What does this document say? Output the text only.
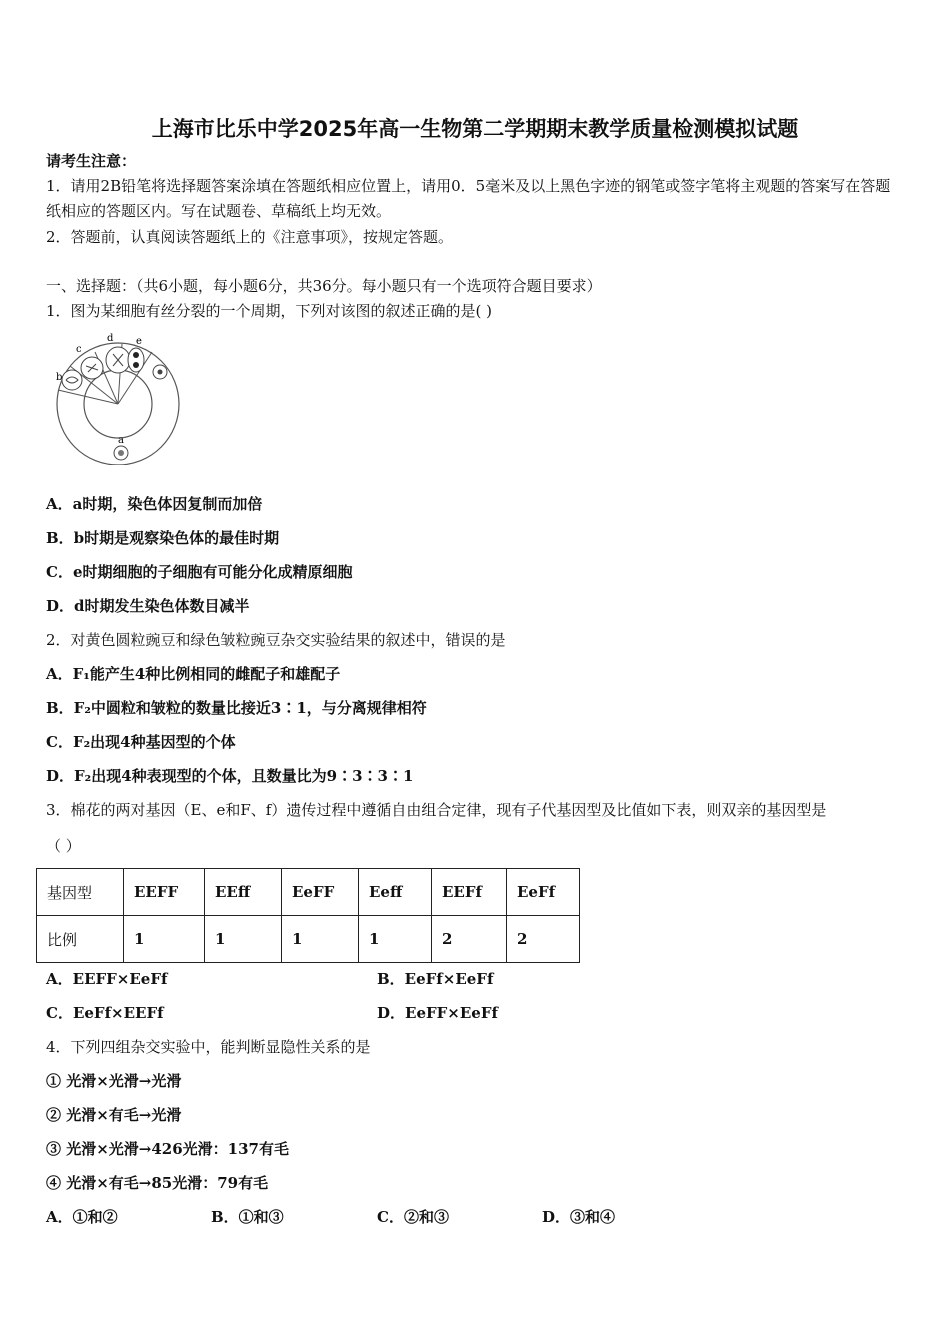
上海市比乐中学2025年高一生物第二学期期末教学质量检测模拟试题
请考生注意：
1．请用2B铅笔将选择题答案涂填在答题纸相应位置上，请用0．5毫米及以上黑色字迹的钢笔或签字笔将主观题的答案写在答题纸相应的答题区内。写在试题卷、草稿纸上均无效。
2．答题前，认真阅读答题纸上的《注意事项》，按规定答题。
一、选择题：（共6小题，每小题6分，共36分。每小题只有一个选项符合题目要求）
1．图为某细胞有丝分裂的一个周期，下列对该图的叙述正确的是( )
a
b
c
d e
A．a时期，染色体因复制而加倍
B．b时期是观察染色体的最佳时期
C．e时期细胞的子细胞有可能分化成精原细胞
D．d时期发生染色体数目减半
2．对黄色圆粒豌豆和绿色皱粒豌豆杂交实验结果的叙述中，错误的是
A．F₁能产生4种比例相同的雌配子和雄配子
B．F₂中圆粒和皱粒的数量比接近3∶1，与分离规律相符
C．F₂出现4种基因型的个体
D．F₂出现4种表现型的个体，且数量比为9∶3∶3∶1
3．棉花的两对基因（E、e和F、f）遗传过程中遵循自由组合定律，现有子代基因型及比值如下表，则双亲的基因型是
（ ）
基因型	EEFF	EEff	EeFF	Eeff	EEFf	EeFf
比例	1	1	1	1	2	2
A．EEFF×EeFf	B．EeFf×EeFf
C．EeFf×EEFf	D．EeFF×EeFf
4．下列四组杂交实验中，能判断显隐性关系的是
① 光滑×光滑→光滑
② 光滑×有毛→光滑
③ 光滑×光滑→426光滑：137有毛
④ 光滑×有毛→85光滑：79有毛
A．①和②	B．①和③	C．②和③	D．③和④
